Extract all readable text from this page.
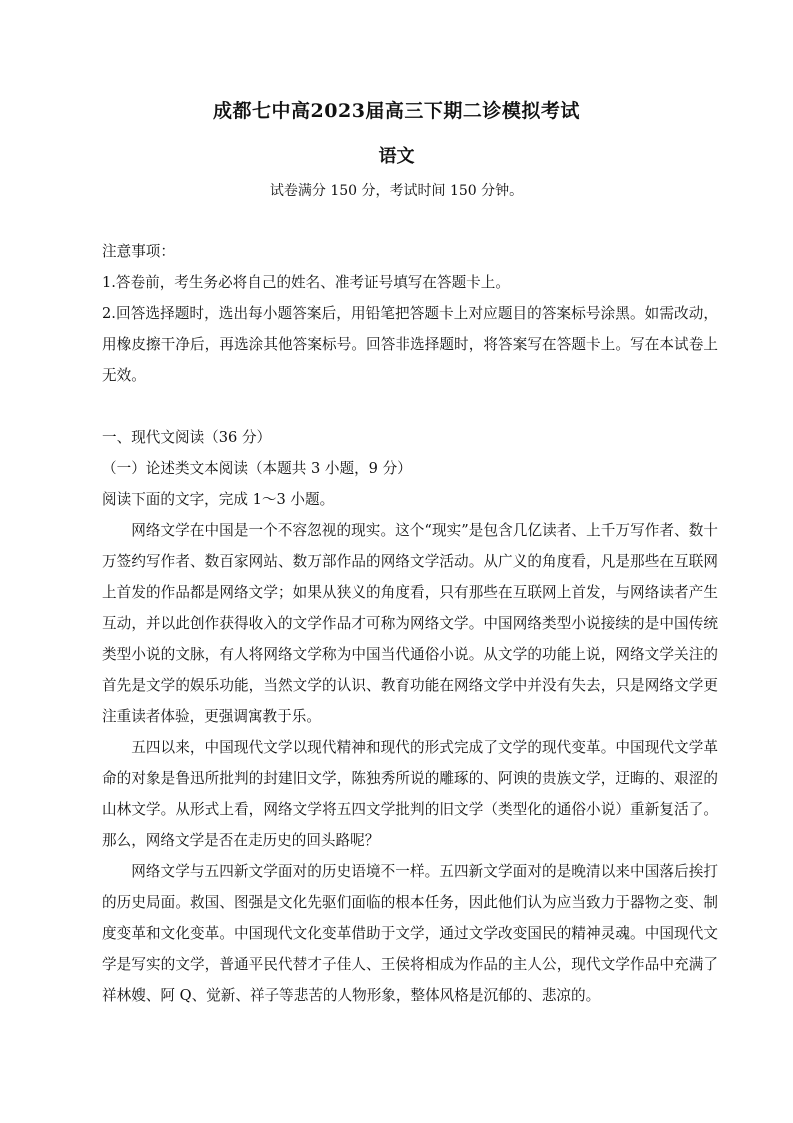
成都七中高2023届高三下期二诊模拟考试
语文
试卷满分 150 分，考试时间 150 分钟。

注意事项：

1.答卷前，考生务必将自己的姓名、准考证号填写在答题卡上。

2.回答选择题时，选出每小题答案后，用铅笔把答题卡上对应题目的答案标号涂黑。如需改动，用橡皮擦干净后，再选涂其他答案标号。回答非选择题时，将答案写在答题卡上。写在本试卷上无效。

一、现代文阅读（36 分）

（一）论述类文本阅读（本题共 3 小题，9 分）

阅读下面的文字，完成 1～3 小题。

网络文学在中国是一个不容忽视的现实。这个“现实”是包含几亿读者、上千万写作者、数十万签约写作者、数百家网站、数万部作品的网络文学活动。从广义的角度看，凡是那些在互联网上首发的作品都是网络文学；如果从狭义的角度看，只有那些在互联网上首发，与网络读者产生互动，并以此创作获得收入的文学作品才可称为网络文学。中国网络类型小说接续的是中国传统类型小说的文脉，有人将网络文学称为中国当代通俗小说。从文学的功能上说，网络文学关注的首先是文学的娱乐功能，当然文学的认识、教育功能在网络文学中并没有失去，只是网络文学更注重读者体验，更强调寓教于乐。

五四以来，中国现代文学以现代精神和现代的形式完成了文学的现代变革。中国现代文学革命的对象是鲁迅所批判的封建旧文学，陈独秀所说的雕琢的、阿谀的贵族文学，迂晦的、艰涩的山林文学。从形式上看，网络文学将五四文学批判的旧文学（类型化的通俗小说）重新复活了。那么，网络文学是否在走历史的回头路呢？

网络文学与五四新文学面对的历史语境不一样。五四新文学面对的是晚清以来中国落后挨打的历史局面。救国、图强是文化先驱们面临的根本任务，因此他们认为应当致力于器物之变、制度变革和文化变革。中国现代文化变革借助于文学，通过文学改变国民的精神灵魂。中国现代文学是写实的文学，普通平民代替才子佳人、王侯将相成为作品的主人公，现代文学作品中充满了祥林嫂、阿 Q、觉新、祥子等悲苦的人物形象，整体风格是沉郁的、悲凉的。
